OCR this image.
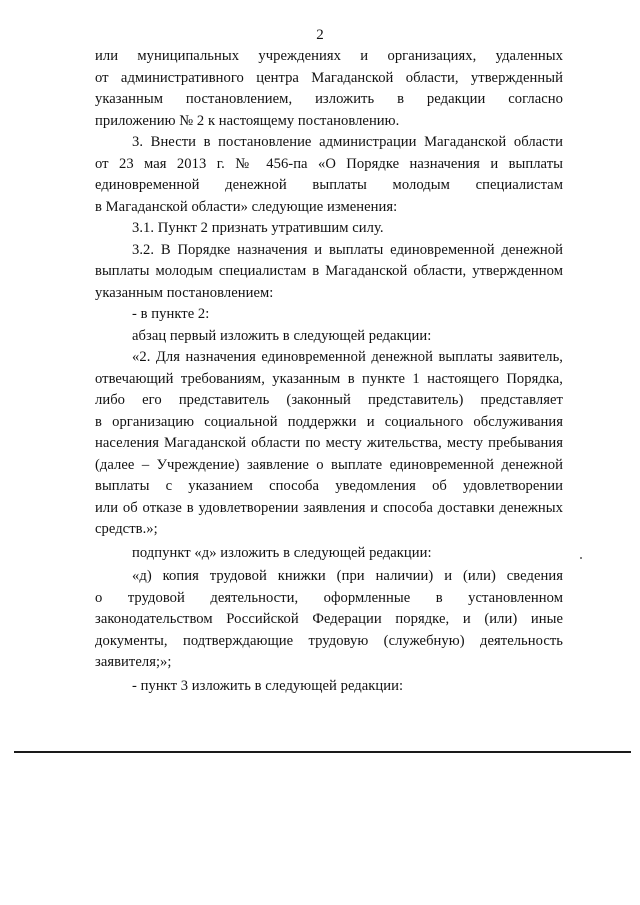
2
или муниципальных учреждениях и организациях, удаленных
от административного центра Магаданской области, утвержденный
указанным постановлением, изложить в редакции согласно
приложению № 2 к настоящему постановлению.
3. Внести в постановление администрации Магаданской области
от 23 мая 2013 г. № 456-па «О Порядке назначения и выплаты
единовременной денежной выплаты молодым специалистам
в Магаданской области» следующие изменения:
3.1. Пункт 2 признать утратившим силу.
3.2. В Порядке назначения и выплаты единовременной денежной
выплаты молодым специалистам в Магаданской области, утвержденном
указанным постановлением:
- в пункте 2:
абзац первый изложить в следующей редакции:
«2. Для назначения единовременной денежной выплаты заявитель,
отвечающий требованиям, указанным в пункте 1 настоящего Порядка,
либо его представитель (законный представитель) представляет
в организацию социальной поддержки и социального обслуживания
населения Магаданской области по месту жительства, месту пребывания
(далее – Учреждение) заявление о выплате единовременной денежной
выплаты с указанием способа уведомления об удовлетворении
или об отказе в удовлетворении заявления и способа доставки денежных
средств.»;
подпункт «д» изложить в следующей редакции:
«д) копия трудовой книжки (при наличии) и (или) сведения
о трудовой деятельности, оформленные в установленном
законодательством Российской Федерации порядке, и (или) иные
документы, подтверждающие трудовую (служебную) деятельность
заявителя;»;
- пункт 3 изложить в следующей редакции:
